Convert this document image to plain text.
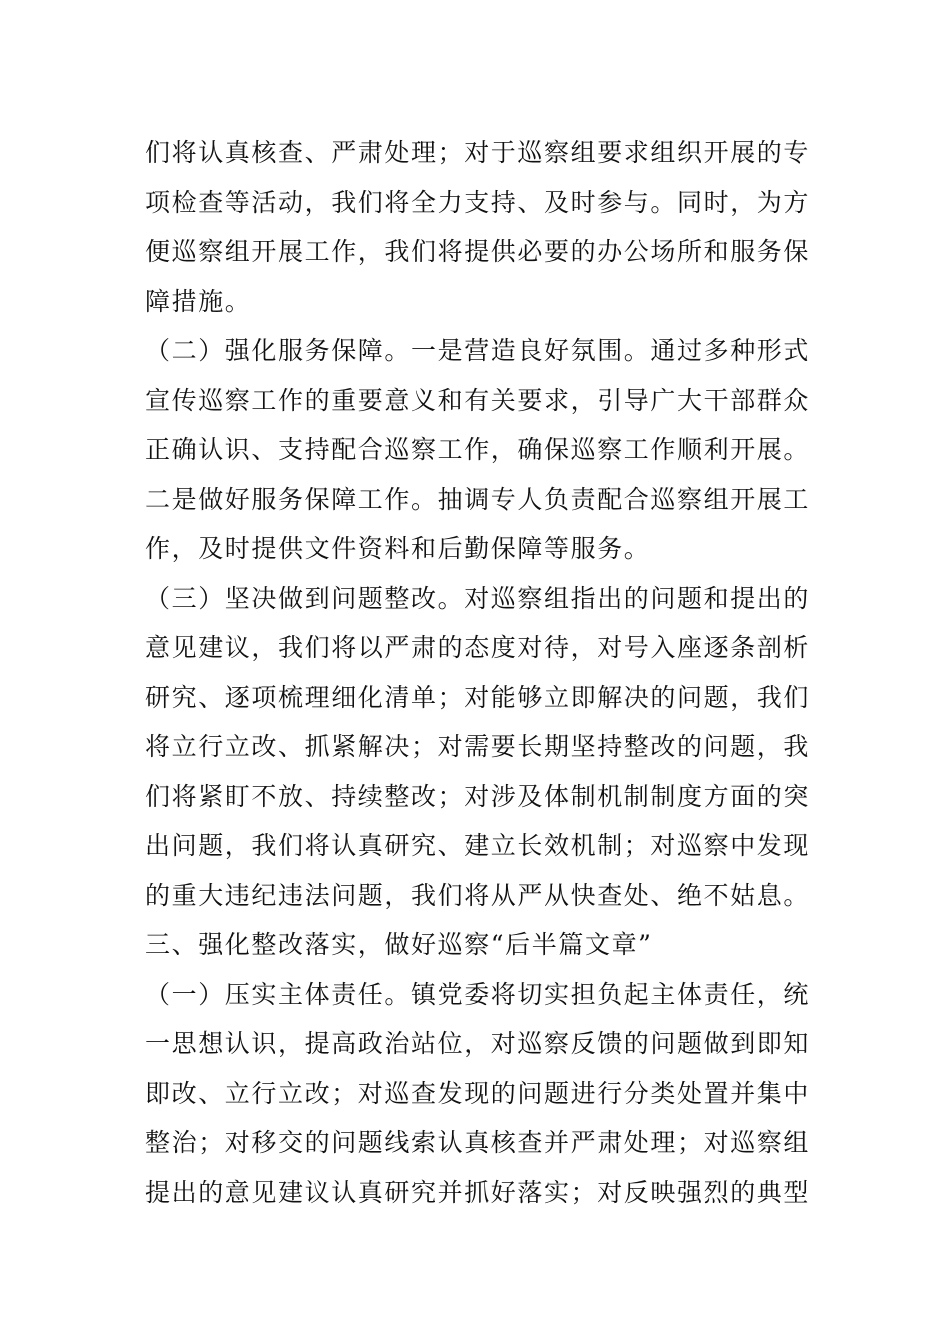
们将认真核查、严肃处理；对于巡察组要求组织开展的专项检查等活动，我们将全力支持、及时参与。同时，为方便巡察组开展工作，我们将提供必要的办公场所和服务保障措施。

（二）强化服务保障。一是营造良好氛围。通过多种形式宣传巡察工作的重要意义和有关要求，引导广大干部群众正确认识、支持配合巡察工作，确保巡察工作顺利开展。二是做好服务保障工作。抽调专人负责配合巡察组开展工作，及时提供文件资料和后勤保障等服务。

（三）坚决做到问题整改。对巡察组指出的问题和提出的意见建议，我们将以严肃的态度对待，对号入座逐条剖析研究、逐项梳理细化清单；对能够立即解决的问题，我们将立行立改、抓紧解决；对需要长期坚持整改的问题，我们将紧盯不放、持续整改；对涉及体制机制制度方面的突出问题，我们将认真研究、建立长效机制；对巡察中发现的重大违纪违法问题，我们将从严从快查处、绝不姑息。

三、强化整改落实，做好巡察“后半篇文章”

（一）压实主体责任。镇党委将切实担负起主体责任，统一思想认识，提高政治站位，对巡察反馈的问题做到即知即改、立行立改；对巡查发现的问题进行分类处置并集中整治；对移交的问题线索认真核查并严肃处理；对巡察组提出的意见建议认真研究并抓好落实；对反映强烈的典型
